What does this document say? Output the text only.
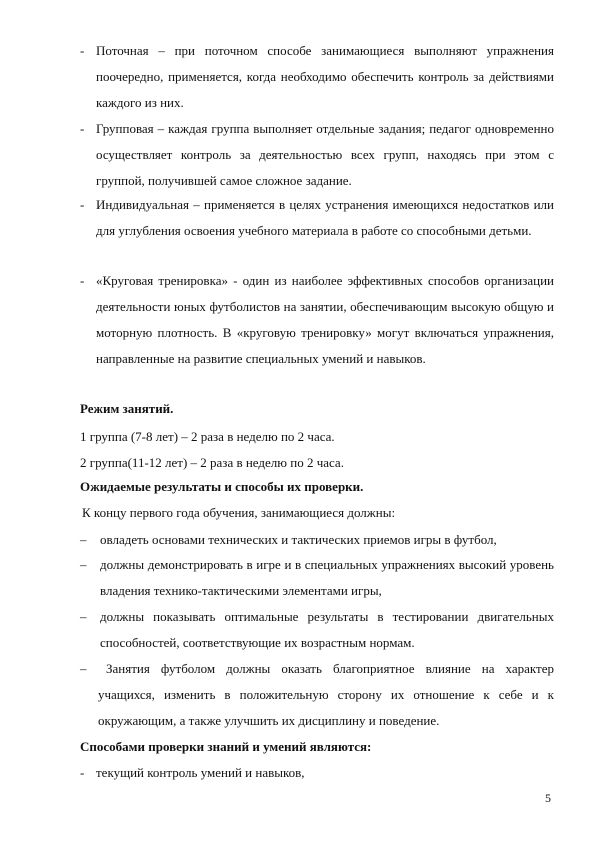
- Поточная – при поточном способе занимающиеся выполняют упражнения поочередно, применяется, когда необходимо обеспечить контроль за действиями каждого из них.

- Групповая – каждая группа выполняет отдельные задания; педагог одновременно осуществляет контроль за деятельностью всех групп, находясь при этом с группой, получившей самое сложное задание.

- Индивидуальная – применяется в целях устранения имеющихся недостатков или для углубления освоения учебного материала в работе со способными детьми.

- «Круговая тренировка» - один из наиболее эффективных способов организации деятельности юных футболистов на занятии, обеспечивающим высокую общую и моторную плотность. В «круговую тренировку» могут включаться упражнения, направленные на развитие специальных умений и навыков.

Режим занятий.

1 группа (7-8 лет) – 2 раза в неделю по 2 часа.

2 группа(11-12 лет) – 2 раза в неделю по 2 часа.

Ожидаемые результаты и способы их проверки.

К концу первого года обучения, занимающиеся должны:

– овладеть основами технических и тактических приемов игры в футбол,

– должны демонстрировать в игре и в специальных упражнениях высокий уровень владения технико-тактическими элементами игры,

– должны показывать оптимальные результаты в тестировании двигательных способностей, соответствующие их возрастным нормам.

–	Занятия футболом должны оказать благоприятное влияние на характер учащихся, изменить в положительную сторону их отношение к себе и к окружающим, а также улучшить их дисциплину и поведение.

Способами проверки знаний и умений являются:

- текущий контроль умений и навыков,

5
